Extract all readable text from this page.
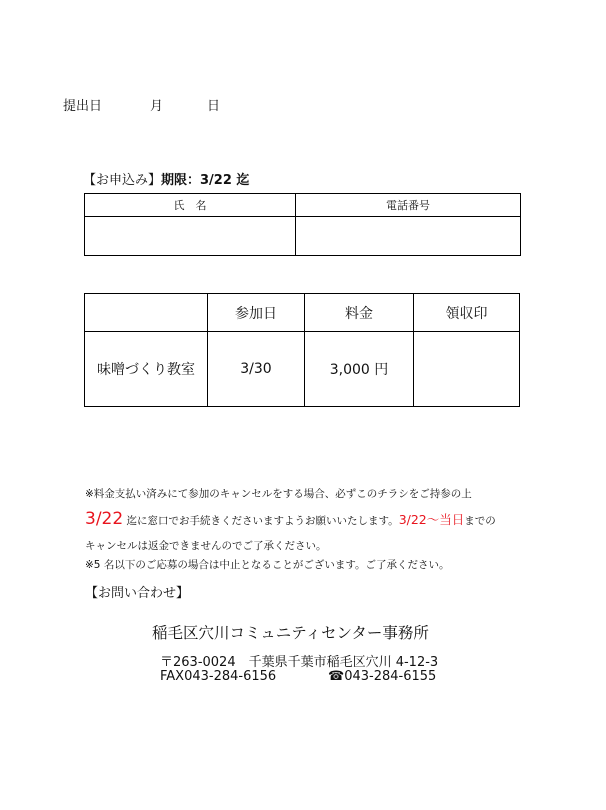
提出日	月	日
【お申込み】期限：3/22 迄
氏　名	電話番号

	参加日	料金	領収印
味噌づくり教室	3/30	3,000 円	
※料金支払い済みにて参加のキャンセルをする場合、必ずこのチラシをご持参の上
3/22 迄に窓口でお手続きくださいますようお願いいたします。3/22～当日までの
キャンセルは返金できませんのでご了承ください。
※5 名以下のご応募の場合は中止となることがございます。ご了承ください。
【お問い合わせ】
稲毛区穴川コミュニティセンター事務所
〒263-0024　千葉県千葉市稲毛区穴川 4-12-3
FAX043-284-6156	☎043-284-6155
